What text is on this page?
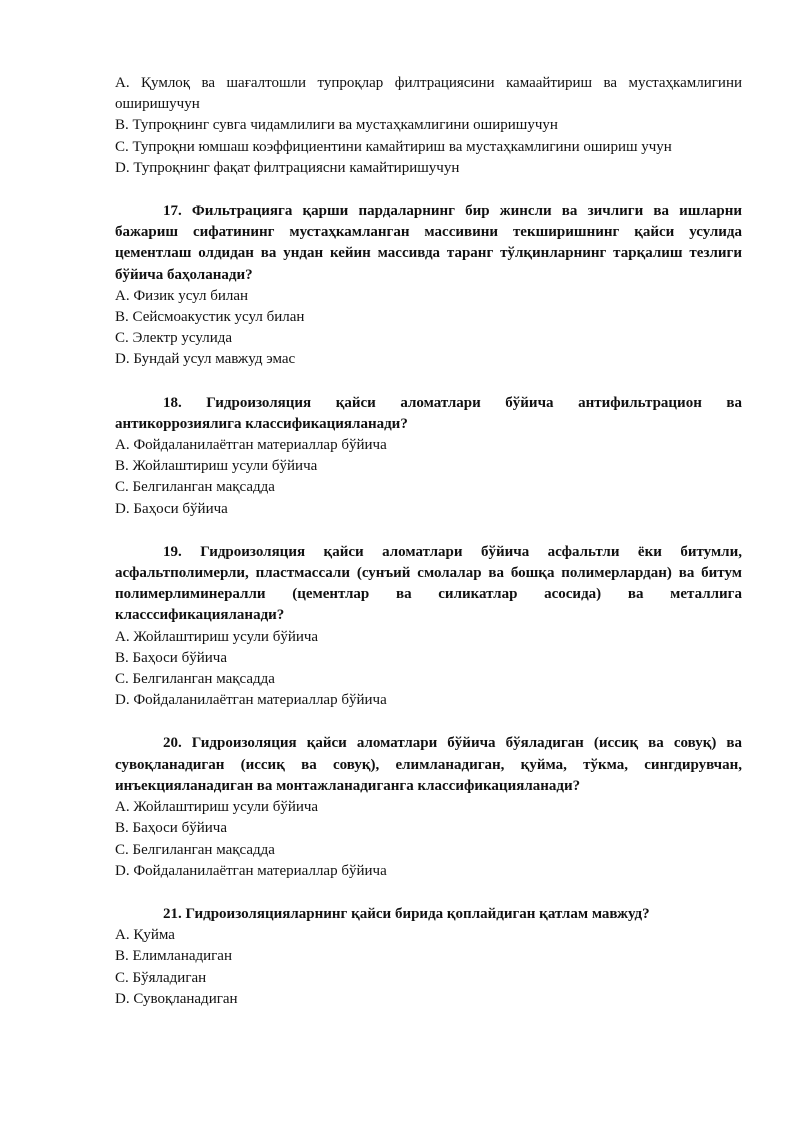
A. Қумлоқ ва шағалтошли тупроқлар филтрациясини камаайтириш ва мустаҳкамлигини оширишучун

B. Тупроқнинг сувга чидамлилиги ва мустаҳкамлигини оширишучун

C. Тупроқни юмшаш коэффициентини камайтириш ва мустаҳкамлигини ошириш учун

D. Тупроқнинг фақат филтрациясни камайтиришучун

17. Фильтрацияга қарши пардаларнинг бир жинсли ва зичлиги ва ишларни бажариш сифатининг мустаҳкамланган массивини текширишнинг қайси усулида цементлаш олдидан ва ундан кейин массивда таранг тўлқинларнинг тарқалиш тезлиги бўйича баҳоланади?

A. Физик усул билан

B. Сейсмоакустик усул билан

C. Электр усулида

D. Бундай усул мавжуд эмас

18. Гидроизоляция қайси аломатлари бўйича антифильтрацион ва антикоррозиялига классификацияланади?

A. Фойдаланилаётган материаллар бўйича

B. Жойлаштириш усули бўйича

C. Белгиланган мақсадда

D. Баҳоси бўйича

19. Гидроизоляция қайси аломатлари бўйича асфальтли ёки битумли, асфальтполимерли, пластмассали (сунъий смолалар ва бошқа полимерлардан) ва битум полимерлиминералли (цементлар ва силикатлар асосида) ва металлига класссификацияланади?

A. Жойлаштириш усули бўйича

B. Баҳоси бўйича

C. Белгиланган мақсадда

D. Фойдаланилаётган материаллар бўйича

20. Гидроизоляция қайси аломатлари бўйича бўяладиган (иссиқ ва совуқ) ва сувоқланадиган (иссиқ ва совуқ), елимланадиган, қуйма, тўкма, сингдирувчан, инъекцияланадиган ва монтажланадиганга классификацияланади?

A. Жойлаштириш усули бўйича

B. Баҳоси бўйича

C. Белгиланган мақсадда

D. Фойдаланилаётган материаллар бўйича

21. Гидроизоляцияларнинг қайси бирида қоплайдиган қатлам мавжуд?

A. Қуйма

B. Елимланадиган

C. Бўяладиган

D. Сувоқланадиган
